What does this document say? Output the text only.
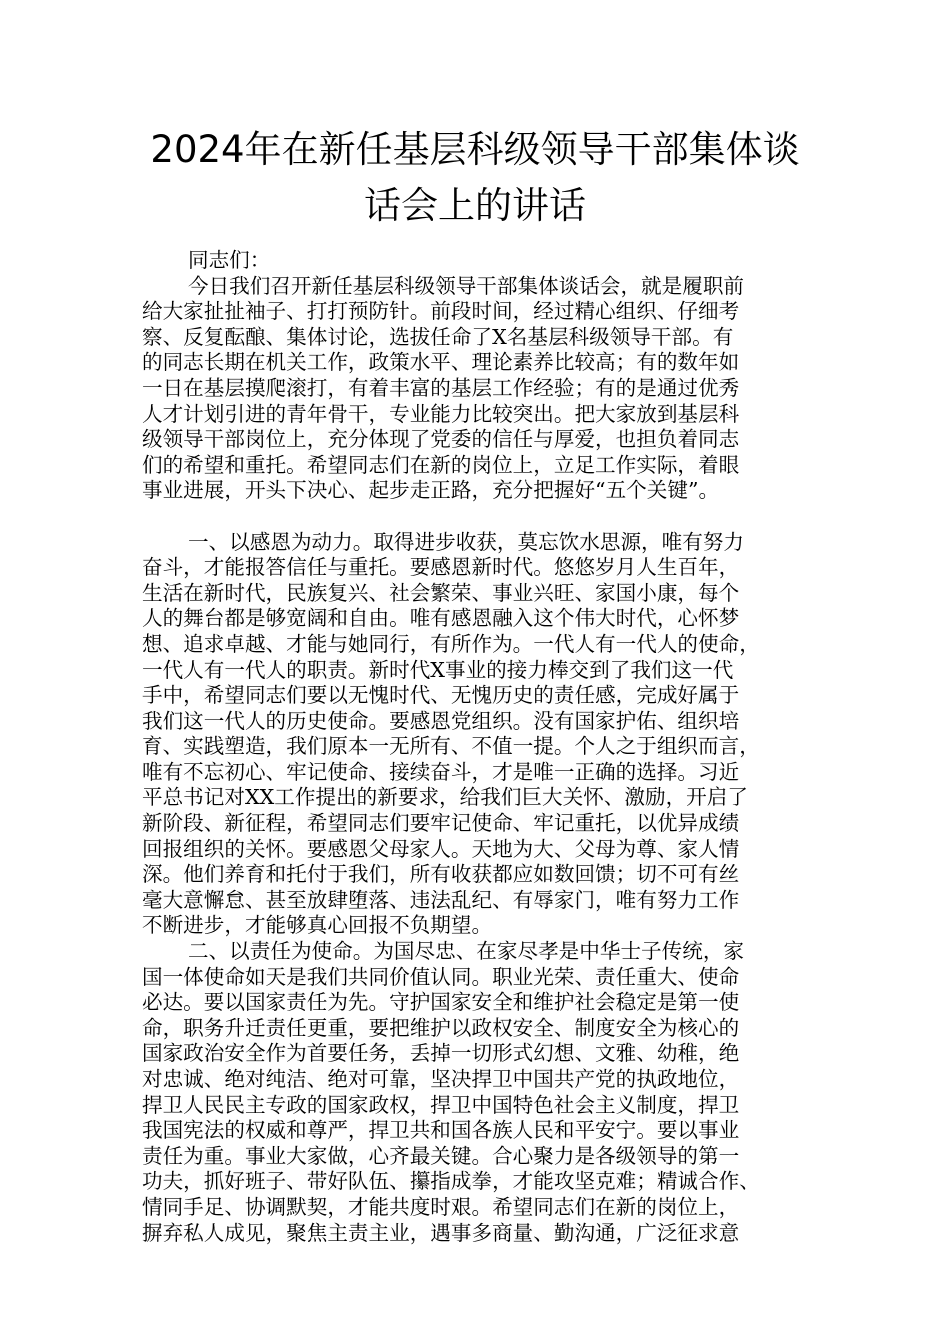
2024年在新任基层科级领导干部集体谈
话会上的讲话
同志们：
今日我们召开新任基层科级领导干部集体谈话会，就是履职前
给大家扯扯袖子、打打预防针。前段时间，经过精心组织、仔细考
察、反复酝酿、集体讨论，选拔任命了X名基层科级领导干部。有
的同志长期在机关工作，政策水平、理论素养比较高；有的数年如
一日在基层摸爬滚打，有着丰富的基层工作经验；有的是通过优秀
人才计划引进的青年骨干，专业能力比较突出。把大家放到基层科
级领导干部岗位上，充分体现了党委的信任与厚爱，也担负着同志
们的希望和重托。希望同志们在新的岗位上，立足工作实际，着眼
事业进展，开头下决心、起步走正路，充分把握好“五个关键”。
一、以感恩为动力。取得进步收获，莫忘饮水思源，唯有努力
奋斗，才能报答信任与重托。要感恩新时代。悠悠岁月人生百年，
生活在新时代，民族复兴、社会繁荣、事业兴旺、家国小康，每个
人的舞台都是够宽阔和自由。唯有感恩融入这个伟大时代，心怀梦
想、追求卓越、才能与她同行，有所作为。一代人有一代人的使命，
一代人有一代人的职责。新时代X事业的接力棒交到了我们这一代
手中，希望同志们要以无愧时代、无愧历史的责任感，完成好属于
我们这一代人的历史使命。要感恩党组织。没有国家护佑、组织培
育、实践塑造，我们原本一无所有、不值一提。个人之于组织而言，
唯有不忘初心、牢记使命、接续奋斗，才是唯一正确的选择。习近
平总书记对XX工作提出的新要求，给我们巨大关怀、激励，开启了
新阶段、新征程，希望同志们要牢记使命、牢记重托，以优异成绩
回报组织的关怀。要感恩父母家人。天地为大、父母为尊、家人情
深。他们养育和托付于我们，所有收获都应如数回馈；切不可有丝
毫大意懈怠、甚至放肆堕落、违法乱纪、有辱家门，唯有努力工作
不断进步，才能够真心回报不负期望。
二、以责任为使命。为国尽忠、在家尽孝是中华士子传统，家
国一体使命如天是我们共同价值认同。职业光荣、责任重大、使命
必达。要以国家责任为先。守护国家安全和维护社会稳定是第一使
命，职务升迁责任更重，要把维护以政权安全、制度安全为核心的
国家政治安全作为首要任务，丢掉一切形式幻想、文雅、幼稚，绝
对忠诚、绝对纯洁、绝对可靠，坚决捍卫中国共产党的执政地位，
捍卫人民民主专政的国家政权，捍卫中国特色社会主义制度，捍卫
我国宪法的权威和尊严，捍卫共和国各族人民和平安宁。要以事业
责任为重。事业大家做，心齐最关键。合心聚力是各级领导的第一
功夫，抓好班子、带好队伍、攥指成拳，才能攻坚克难；精诚合作、
情同手足、协调默契，才能共度时艰。希望同志们在新的岗位上，
摒弃私人成见，聚焦主责主业，遇事多商量、勤沟通，广泛征求意
